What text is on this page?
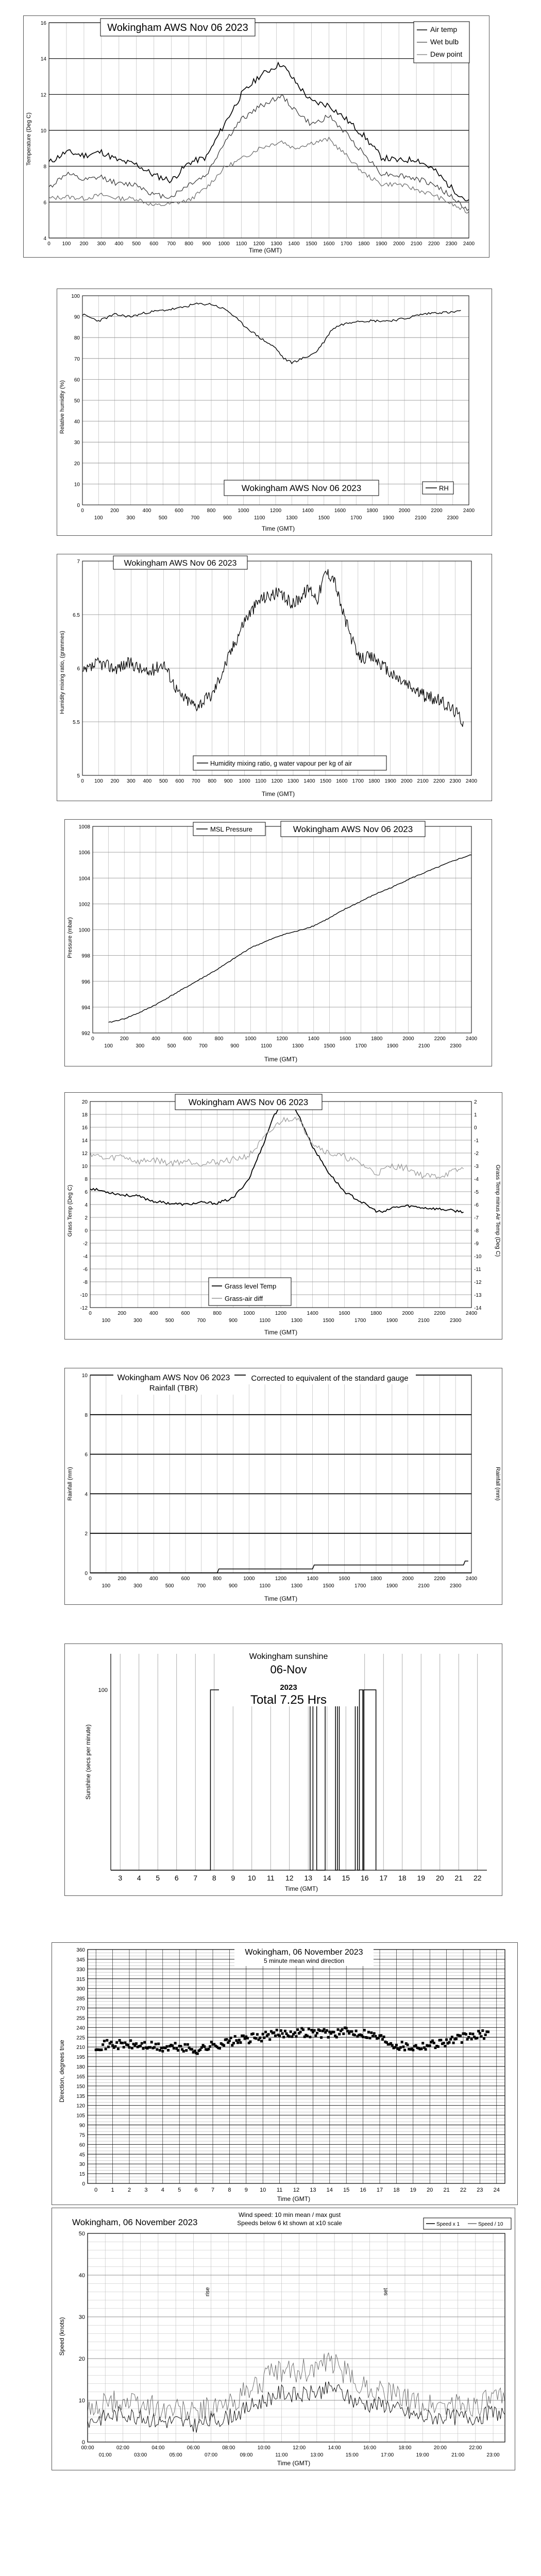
4
6
8
10
12
14
16
0 100 200 300 400 500 600 700 800 900 1000 1100 1200 1300 1400 1500 1600 1700 1800 1900 2000 2100 2200 2300 2400
Temperature (Deg C)
Time (GMT)
Wokingham AWS Nov 06 2023	Air temp
Wet bulb
Dew point
0
10
20
30
40
50
60
70
80
90
100
0
100
200
300
400
500
600
700
800
900
1000
1100
1200
1300
1400
1500
1600
1700
1800
1900
2000
2100
2200
2300
2400
Relative humidity (%)
Time (GMT)
Wokingham AWS Nov 06 2023	RH
5
5.5
6
6.5
7
0 100 200 300 400 500 600 700 800 900 1000 1100 1200 1300 1400 1500 1600 1700 1800 1900 2000 2100 2200 2300 2400
Humidity mixing ratio, (grammes)
Time (GMT)
Wokingham AWS Nov 06 2023
Humidity mixing ratio, g water vapour per kg of air
992
994
996
998
1000
1002
1004
1006
1008
0
100
200
300
400
500
600
700
800
900
1000
1100
1200
1300
1400
1500
1600
1700
1800
1900
2000
2100
2200
2300
2400
Pressure (mbar)
Time (GMT)
MSL Pressure	Wokingham AWS Nov 06 2023
-12
-10
-8
-6
-4
-2
0
2
4
6
8
10
12
14
16
18
20
0
100
200
300
400
500
600
700
800
900
1000
1100
1200
1300
1400
1500
1600
1700
1800
1900
2000
2100
2200
2300
2400
-14
-13
-12
-11
-10
-9
-8
-7
-6
-5
-4
-3
-2
-1
0
1
2
Grass Temp (Deg C)	Grass Temp minus Air Temp (Deg C)
Time (GMT)
Wokingham AWS Nov 06 2023
Grass level Temp
Grass-air diff
0
2
4
6
8
10
0
100
200
300
400
500
600
700
800
900
1000
1100
1200
1300
1400
1500
1600
1700
1800
1900
2000
2100
2200
2300
2400
Rainfall (mm)	Rainfall (mm)
Time (GMT)
Wokingham AWS Nov 06 2023
Rainfall (TBR)
Corrected to equivalent of the standard gauge
3 4 5 6 7 8 9 10 11 12 13 14 15 16 17 18 19 20 21 22
100
Sunshine (secs per minute)
Time (GMT)
Wokingham sunshine
06-Nov
2023
Total 7.25 Hrs
0 1 2 3 4 5 6 7 8 9 10 11 12 13 14 15 16 17 18 19 20 21 22 23 24
0
15
30
45
60
75
90
105
120
135
150
165
180
195
210
225
240
255
270
285
300
315
330
345
360
Direction, degrees true
Time (GMT)
Wokingham, 06 November 2023
5 minute mean wind direction
rise	set
0
10
20
30
40
50
00:00	02:00	04:00	06:00	08:00	10:00	12:00	14:00	16:00	18:00	20:00	22:00
01:00	03:00	05:00	07:00	09:00	11:00	13:00	15:00	17:00	19:00	21:00	23:00
Speed (knots)
Time (GMT)
Wokingham, 06 November 2023
Wind speed: 10 min mean / max gust
Speeds below 6 kt shown at x10 scale	Speed x 1	Speed / 10
